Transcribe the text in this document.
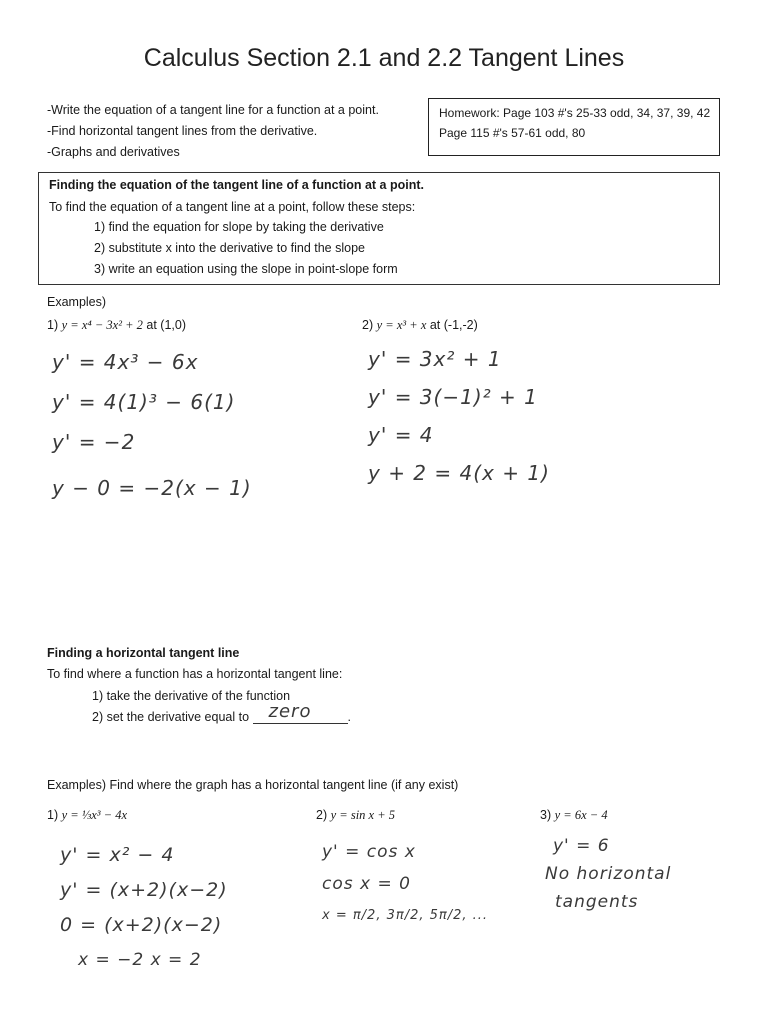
Calculus Section 2.1 and 2.2 Tangent Lines
-Write the equation of a tangent line for a function at a point.
-Find horizontal tangent lines from the derivative.
-Graphs and derivatives
Homework: Page 103 #'s 25-33 odd, 34, 37, 39, 42
Page 115 #'s 57-61 odd, 80
Finding the equation of the tangent line of a function at a point.
To find the equation of a tangent line at a point, follow these steps:
1) find the equation for slope by taking the derivative
2) substitute x into the derivative to find the slope
3) write an equation using the slope in point-slope form
Examples)
1) y = x⁴ − 3x² + 2 at (1,0)
y' = 4x³ − 6x
y' = 4(1)³ − 6(1)
y' = −2
y − 0 = −2(x − 1)
2) y = x³ + x at (-1,-2)
y' = 3x² + 1
y' = 3(−1)² + 1
y' = 4
y + 2 = 4(x + 1)
Finding a horizontal tangent line
To find where a function has a horizontal tangent line:
1) take the derivative of the function
2) set the derivative equal to zero	.
Examples) Find where the graph has a horizontal tangent line (if any exist)
1) y = ⅓x³ − 4x
y' = x² − 4
y' = (x+2)(x−2)
0 = (x+2)(x−2)
x = −2 x = 2
2) y = sin x + 5
y' = cos x
cos x = 0
x = π/2, 3π/2, 5π/2, ...
3) y = 6x − 4
y' = 6
No horizontal
tangents
